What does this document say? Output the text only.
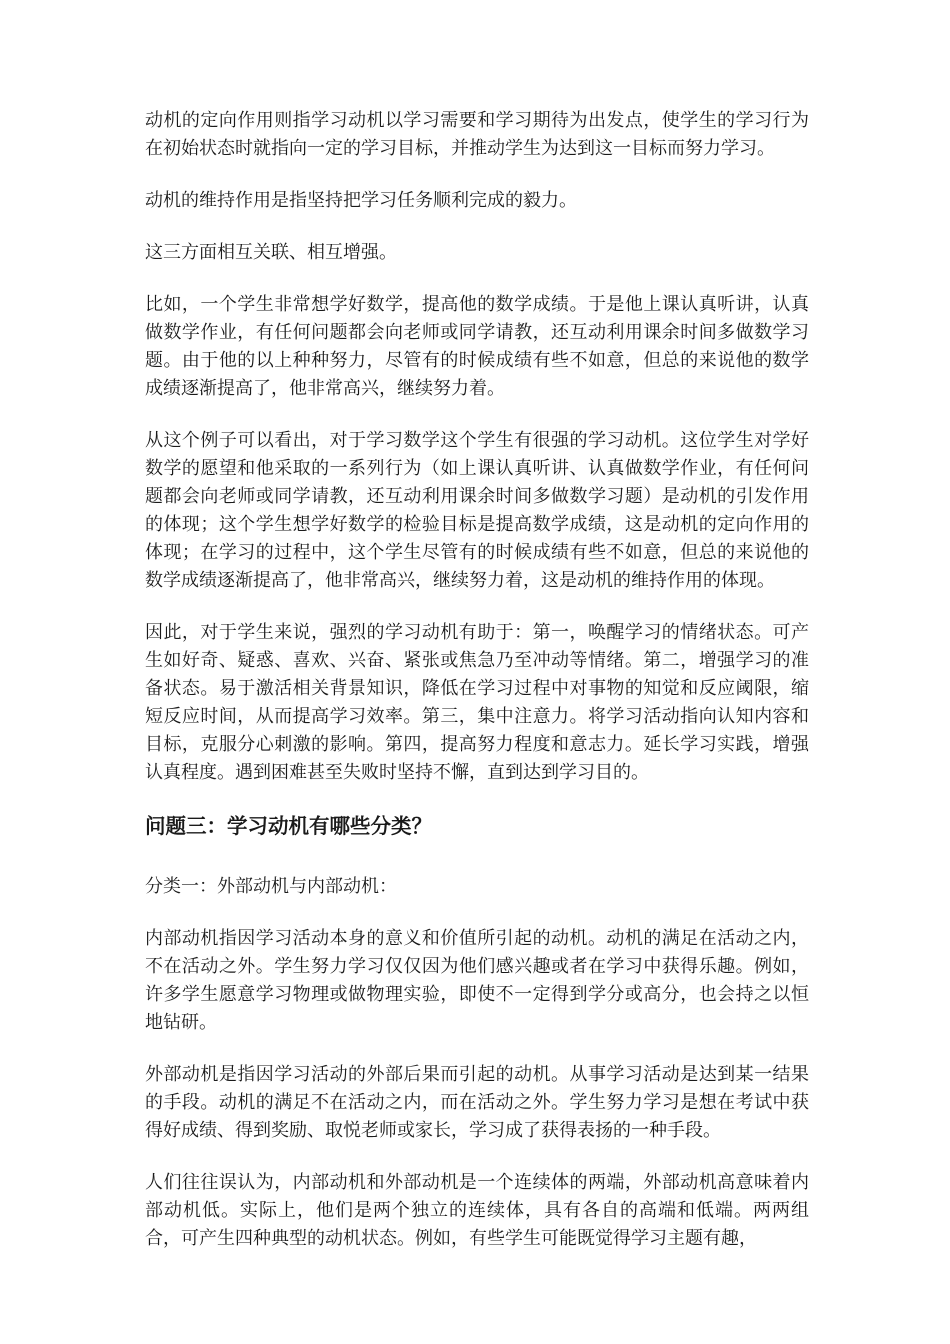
动机的定向作用则指学习动机以学习需要和学习期待为出发点，使学生的学习行为在初始状态时就指向一定的学习目标，并推动学生为达到这一目标而努力学习。

动机的维持作用是指坚持把学习任务顺利完成的毅力。

这三方面相互关联、相互增强。

比如，一个学生非常想学好数学，提高他的数学成绩。于是他上课认真听讲，认真做数学作业，有任何问题都会向老师或同学请教，还互动利用课余时间多做数学习题。由于他的以上种种努力，尽管有的时候成绩有些不如意，但总的来说他的数学成绩逐渐提高了，他非常高兴，继续努力着。

从这个例子可以看出，对于学习数学这个学生有很强的学习动机。这位学生对学好数学的愿望和他采取的一系列行为（如上课认真听讲、认真做数学作业，有任何问题都会向老师或同学请教，还互动利用课余时间多做数学习题）是动机的引发作用的体现；这个学生想学好数学的检验目标是提高数学成绩，这是动机的定向作用的体现；在学习的过程中，这个学生尽管有的时候成绩有些不如意，但总的来说他的数学成绩逐渐提高了，他非常高兴，继续努力着，这是动机的维持作用的体现。

因此，对于学生来说，强烈的学习动机有助于：第一，唤醒学习的情绪状态。可产生如好奇、疑惑、喜欢、兴奋、紧张或焦急乃至冲动等情绪。第二，增强学习的准备状态。易于激活相关背景知识，降低在学习过程中对事物的知觉和反应阈限，缩短反应时间，从而提高学习效率。第三，集中注意力。将学习活动指向认知内容和目标，克服分心刺激的影响。第四，提高努力程度和意志力。延长学习实践，增强认真程度。遇到困难甚至失败时坚持不懈，直到达到学习目的。

问题三：学习动机有哪些分类？

分类一：外部动机与内部动机：

内部动机指因学习活动本身的意义和价值所引起的动机。动机的满足在活动之内，不在活动之外。学生努力学习仅仅因为他们感兴趣或者在学习中获得乐趣。例如，许多学生愿意学习物理或做物理实验，即使不一定得到学分或高分，也会持之以恒地钻研。

外部动机是指因学习活动的外部后果而引起的动机。从事学习活动是达到某一结果的手段。动机的满足不在活动之内，而在活动之外。学生努力学习是想在考试中获得好成绩、得到奖励、取悦老师或家长，学习成了获得表扬的一种手段。

人们往往误认为，内部动机和外部动机是一个连续体的两端，外部动机高意味着内部动机低。实际上，他们是两个独立的连续体，具有各自的高端和低端。两两组合，可产生四种典型的动机状态。例如，有些学生可能既觉得学习主题有趣，
